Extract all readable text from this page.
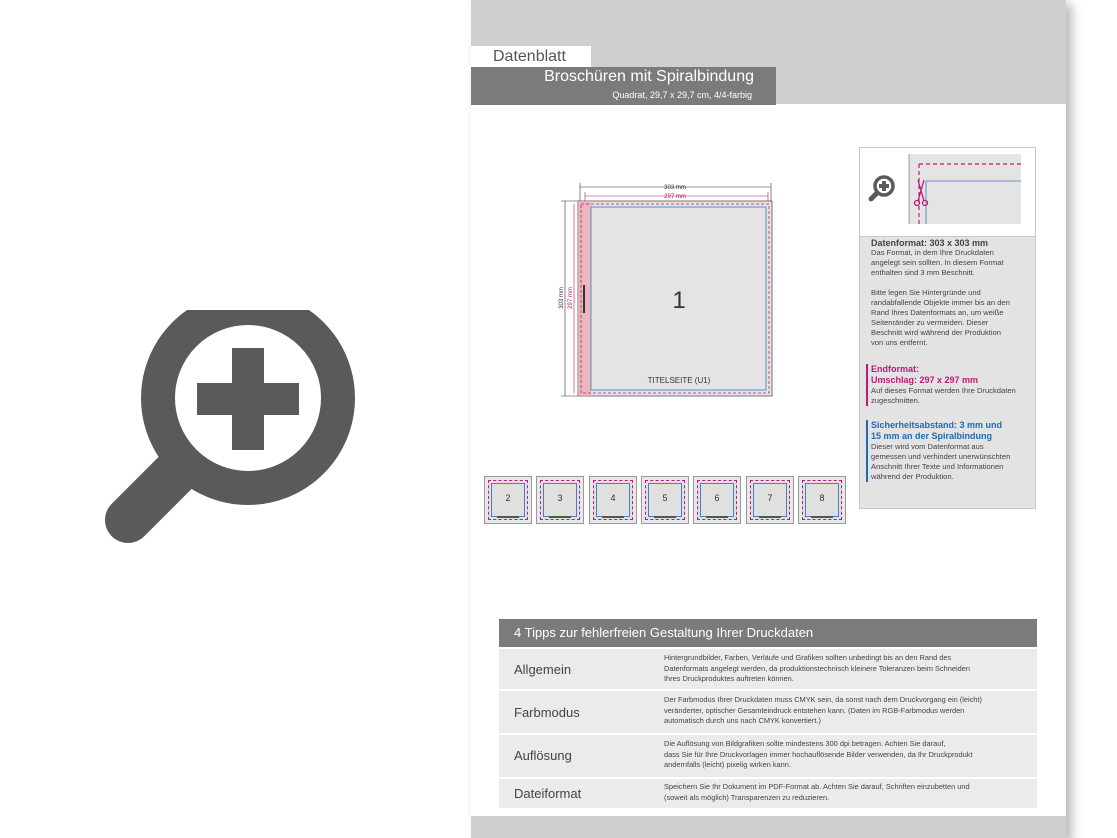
Datenblatt
Broschüren mit Spiralbindung
Quadrat, 29,7 x 29,7 cm, 4/4-farbig
303 mm
297 mm
303 mm 297 mm	1
TITELSEITE (U1)
Datenformat: 303 x 303 mm
Das Format, in dem Ihre Druckdaten
angelegt sein sollten. In diesem Format
enthalten sind 3 mm Beschnitt.
Bitte legen Sie Hintergründe und
randabfallende Objekte immer bis an den
Rand Ihres Datenformats an, um weiße
Seitenränder zu vermeiden. Dieser
Beschnitt wird während der Produktion
von uns entfernt.
Endformat:
Umschlag: 297 x 297 mm
Auf dieses Format werden Ihre Druckdaten
zugeschnitten.
Sicherheitsabstand: 3 mm und
15 mm an der Spiralbindung
Dieser wird vom Datenformat aus
gemessen und verhindert unerwünschten
Anschnitt Ihrer Texte und Informationen
während der Produktion.
2	3	4	5	6	7	8
4 Tipps zur fehlerfreien Gestaltung Ihrer Druckdaten
Allgemein
Hintergrundbilder, Farben, Verläufe und Grafiken sollten unbedingt bis an den Rand des
Datenformats angelegt werden, da produktionstechnisch kleinere Toleranzen beim Schneiden
Ihres Druckproduktes auftreten können.
Farbmodus
Der Farbmodus Ihrer Druckdaten muss CMYK sein, da sonst nach dem Druckvorgang ein (leicht)
veränderter, optischer Gesamteindruck entstehen kann. (Daten im RGB-Farbmodus werden
automatisch durch uns nach CMYK konvertiert.)
Auflösung
Die Auflösung von Bildgrafiken sollte mindestens 300 dpi betragen. Achten Sie darauf,
dass Sie für Ihre Druckvorlagen immer hochauflösende Bilder verwenden, da Ihr Druckprodukt
andernfalls (leicht) pixelig wirken kann.
Dateiformat	Speichern Sie Ihr Dokument im PDF-Format ab. Achten Sie darauf, Schriften einzubetten und
(soweit als möglich) Transparenzen zu reduzieren.
